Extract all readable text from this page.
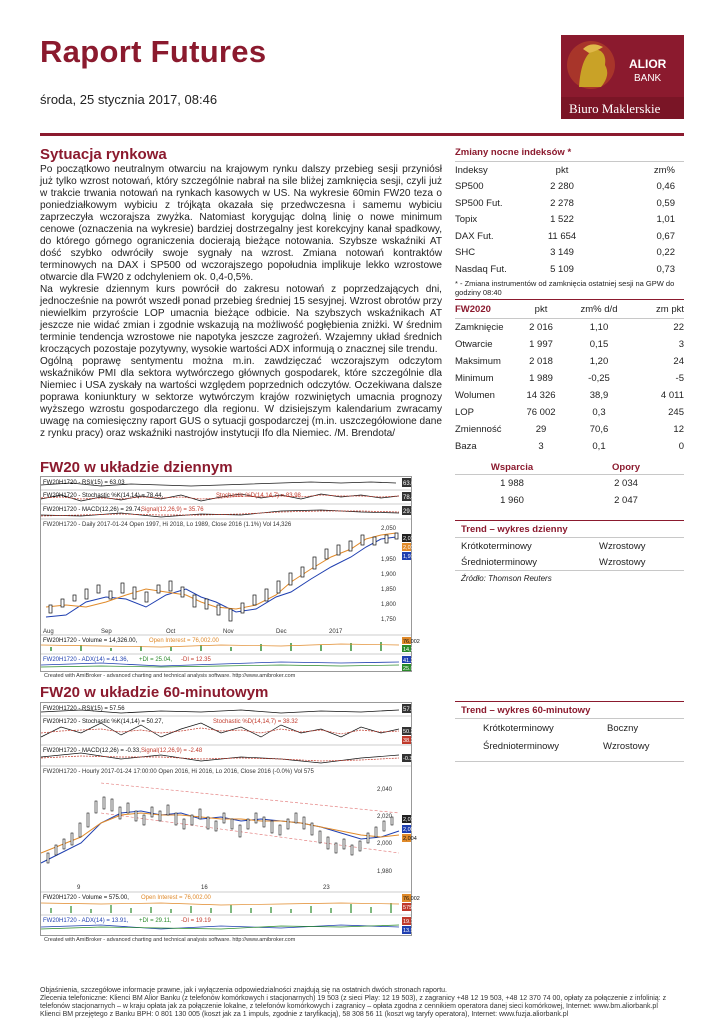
Raport Futures
środa, 25 stycznia 2017, 08:46
ALIOR
BANK
Biuro Maklerskie
Sytuacja rynkowa

Po początkowo neutralnym otwarciu na krajowym rynku dalszy przebieg sesji przyniósł już tylko wzrost notowań, który szczególnie nabrał na sile bliżej zamknięcia sesji, czyli już w trakcie trwania notowań na rynkach kasowych w US. Na wykresie 60min FW20 teza o poniedziałkowym wybiciu z trójkąta okazała się przedwczesna i samemu wybiciu zaprzeczyła wczorajsza zwyżka. Natomiast korygując dolną linię o nowe minimum cenowe (oznaczenia na wykresie) bardziej dostrzegalny jest korekcyjny kanał spadkowy, do którego górnego ograniczenia docierają bieżące notowania. Szybsze wskaźniki AT dość szybko odwróciły swoje sygnały na wzrost. Zmiana notowań kontraktów terminowych na DAX i SP500 od wczorajszego popołudnia implikuje lekko wzrostowe otwarcie dla FW20 z odchyleniem ok. 0,4-0,5%.

Na wykresie dziennym kurs powrócił do zakresu notowań z poprzedzających dni, jednocześnie na powrót wszedł ponad przebieg średniej 15 sesyjnej. Wzrost obrotów przy niewielkim przyroście LOP umacnia bieżące odbicie. Na szybszych wskaźnikach AT jeszcze nie widać zmian i zgodnie wskazują na możliwość pogłębienia zniżki. W średnim terminie tendencja wzrostowe nie napotyka jeszcze zagrożeń. Wzajemny układ średnich kroczących pozostaje pozytywny, wysokie wartości ADX informują o znacznej sile trendu.

Ogólną poprawę sentymentu można m.in. zawdzięczać wczorajszym odczytom wskaźników PMI dla sektora wytwórczego głównych gospodarek, które szczególnie dla Niemiec i USA zyskały na wartości względem poprzednich odczytów. Oczekiwana dalsze poprawa koniunktury w sektorze wytwórczym krajów rozwiniętych umacnia prognozy wyższego wzrostu gospodarczego dla regionu. W dzisiejszym kalendarium zwracamy uwagę na comiesięczny raport GUS o sytuacji gospodarczej (m.in. uszczegółowione dane z rynku pracy) oraz wskaźniki nastrojów instytucji Ifo dla Niemiec. /M. Brendota/

Zmiany nocne indeksów *
Indeksy	pkt	zm%
SP500	2 280	0,46
SP500 Fut.	2 278	0,59
Topix	1 522	1,01
DAX Fut.	11 654	0,67
SHC	3 149	0,22
Nasdaq Fut.	5 109	0,73
* - Zmiana instrumentów od zamknięcia ostatniej sesji na GPW do godziny 08:40
FW2020	pkt	zm% d/d	zm pkt
Zamknięcie	2 016	1,10	22
Otwarcie	1 997	0,15	3
Maksimum	2 018	1,20	24
Minimum	1 989	-0,25	-5
Wolumen	14 326	38,9	4 011
LOP	76 002	0,3	245
Zmienność	29	70,6	12
Baza	3	0,1	0
Wsparcia	Opory
1 988	2 034
1 960	2 047
Trend – wykres dzienny
Krótkoterminowy	Wzrostowy
Średnioterminowy	Wzrostowy
Źródło: Thomson Reuters
FW20 w układzie dziennym
FW20H1720 - RSI(15) = 63.03	63.0297
FW20H1720 - Stochastic %K(14,14) = 78.44,	Stochastic %D(14,14,7) = 83.98	78.4432
FW20H1720 - MACD(12,26) = 29.74,
Signal(12,26,9) = 35.76	29.7361
FW20H1720 - Daily 2017-01-24 Open 1997, Hi 2018, Lo 1989, Close 2016 (1.1%) Vol 14,326
2,050
1,950
1,900
1,850
1,800
1,750
2,016
2,012.73
1,971.63
Aug	Sep	Oct	Nov	Dec	2017
FW20H1720 - Volume = 14,326.00, Open Interest = 76,002.00	76,002
14,326
FW20H1720 - ADX(14) = 41.36, +DI = 25.04, -DI = 12.35	41.3621
25.0421
Created with AmiBroker - advanced charting and technical analysis software. http://www.amibroker.com
FW20 w układzie 60-minutowym
FW20H1720 - RSI(15) = 57.56	57.5583
FW20H1720 - Stochastic %K(14,14) = 50.27,	Stochastic %D(14,14,7) = 38.32
50.2678
38.3178
FW20H1720 - MACD(12,26) = -0.33, Signal(12,26,9) = -2.48
-0.328334
FW20H1720 - Hourly 2017-01-24 17:00:00 Open 2016, Hi 2016, Lo 2016, Close 2016 (-0.0%) Vol 575
2,040
2,020
2,000
1,980
2,016
2,008.43
2,004
9	16	23
FW20H1720 - Volume = 575.00, Open Interest = 76,002.00	76,002
575
FW20H1720 - ADX(14) = 13.91, +DI = 29.11, -DI = 19.19	19.1911
13.9148
Created with AmiBroker - advanced charting and technical analysis software. http://www.amibroker.com
Trend – wykres 60-minutowy
Krótkoterminowy	Boczny
Średnioterminowy	Wzrostowy
Objaśnienia, szczegółowe informacje prawne, jak i wyłączenia odpowiedzialności znajdują się na ostatnich dwóch stronach raportu.
Zlecenia telefoniczne: Klienci BM Alior Banku (z telefonów komórkowych i stacjonarnych) 19 503 (z sieci Play: 12 19 503), z zagranicy +48 12 19 503, +48 12 370 74 00, opłaty za połączenie z infolinią: z
telefonów stacjonarnych – w kraju opłata jak za połączenie lokalne, z telefonów komórkowych i zagranicy – opłata zgodna z cennikiem operatora danej sieci komórkowej, Internet: www.bm.aliorbank.pl
Klienci BM przejętego z Banku BPH: 0 801 130 005 (koszt jak za 1 impuls, zgodnie z taryfikacją), 58 308 56 11 (koszt wg taryfy operatora), Internet: www.fuzja.aliorbank.pl
